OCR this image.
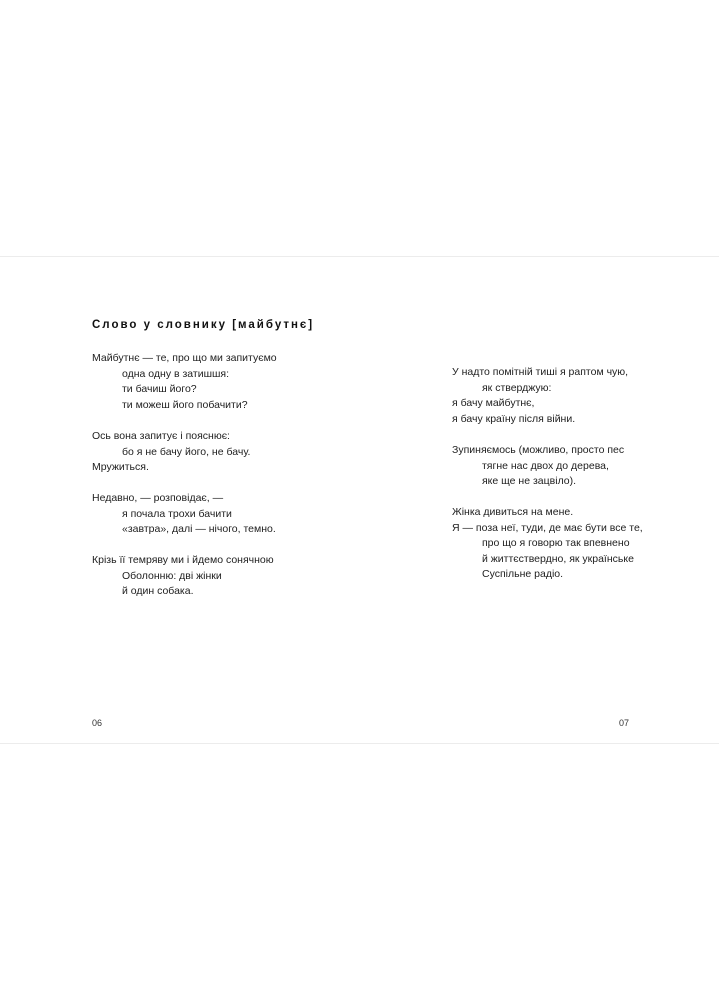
Слово у словнику [майбутнє]
Майбутнє — те, про що ми запитуємо
одна одну в затишшя:
ти бачиш його?
ти можеш його побачити?
Ось вона запитує і пояснює:
бо я не бачу його, не бачу.
Мружиться.
Недавно, — розповідає, —
я почала трохи бачити
«завтра», далі — нічого, темно.
Крізь її темряву ми і йдемо сонячною
Оболонню: дві жінки
й один собака.
06
У надто помітній тиші я раптом чую,
як стверджую:
я бачу майбутнє,
я бачу країну після війни.
Зупиняємось (можливо, просто пес
тягне нас двох до дерева,
яке ще не зацвіло).
Жінка дивиться на мене.
Я — поза неї, туди, де має бути все те,
про що я говорю так впевнено
й життєствердно, як українське
Суспільне радіо.
07
